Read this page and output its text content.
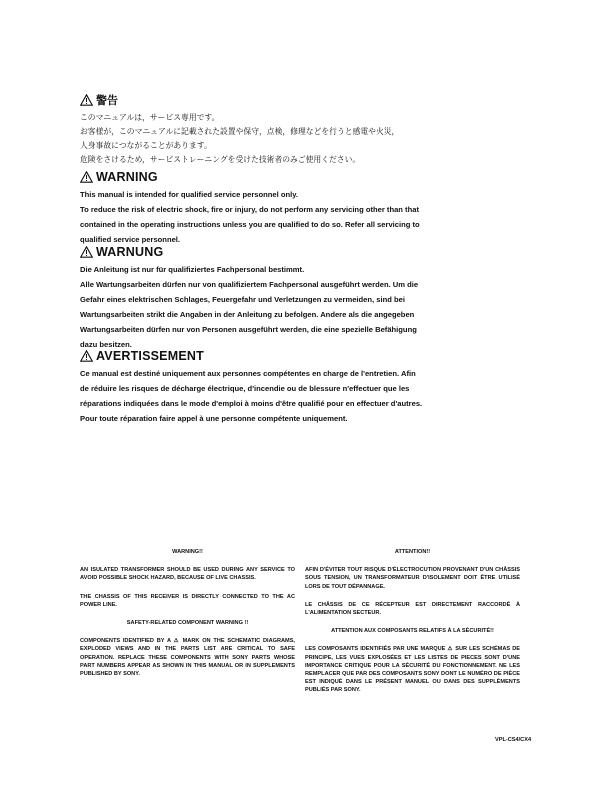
警告

このマニュアルは，サービス専用です。

お客様が，このマニュアルに記載された設置や保守，点検，修理などを行うと感電や火災，

人身事故につながることがあります。

危険をさけるため，サービストレーニングを受けた技術者のみご使用ください。

WARNING

This manual is intended for qualified service personnel only.

To reduce the risk of electric shock, fire or injury, do not perform any servicing other than that

contained in the operating instructions unless you are qualified to do so. Refer all servicing to

qualified service personnel.

WARNUNG

Die Anleitung ist nur für qualifiziertes Fachpersonal bestimmt.

Alle Wartungsarbeiten dürfen nur von qualifiziertem Fachpersonal ausgeführt werden. Um die

Gefahr eines elektrischen Schlages, Feuergefahr und Verletzungen zu vermeiden, sind bei

Wartungsarbeiten strikt die Angaben in der Anleitung zu befolgen. Andere als die angegeben

Wartungsarbeiten dürfen nur von Personen ausgeführt werden, die eine spezielle Befähigung

dazu besitzen.

AVERTISSEMENT

Ce manual est destiné uniquement aux personnes compétentes en charge de l'entretien. Afin

de réduire les risques de décharge électrique, d'incendie ou de blessure n'effectuer que les

réparations indiquées dans le mode d'emploi à moins d'être qualifié pour en effectuer d'autres.

Pour toute réparation faire appel à une personne compétente uniquement.

WARNING!!

AN ISULATED TRANSFORMER SHOULD BE USED DURING ANY SERVICE TO AVOID POSSIBLE SHOCK HAZARD, BECAUSE OF LIVE CHASSIS.

THE CHASSIS OF THIS RECEIVER IS DIRECTLY CONNECTED TO THE AC POWER LINE.

SAFETY-RELATED COMPONENT WARNING !!

COMPONENTS IDENTIFIED BY A ⚠ MARK ON THE SCHEMATIC DIAGRAMS, EXPLODED VIEWS AND IN THE PARTS LIST ARE CRITICAL TO SAFE OPERATION. REPLACE THESE COMPONENTS WITH SONY PARTS WHOSE PART NUMBERS APPEAR AS SHOWN IN THIS MANUAL OR IN SUPPLEMENTS PUBLISHED BY SONY.

ATTENTION!!

AFIN D'ÉVITER TOUT RISQUE D'ÉLECTROCUTION PROVENANT D'UN CHÂSSIS SOUS TENSION, UN TRANSFORMATEUR D'ISOLEMENT DOIT ÊTRE UTILISÉ LORS DE TOUT DÉPANNAGE.

LE CHÂSSIS DE CE RÉCEPTEUR EST DIRECTEMENT RACCORDÉ À L'ALIMENTATION SECTEUR.

ATTENTION AUX COMPOSANTS RELATIFS À LA SÉCURITÉ!!

LES COMPOSANTS IDENTIFIÉS PAR UNE MARQUE ⚠ SUR LES SCHÉMAS DE PRINCIPE, LES VUES EXPLOSÉES ET LES LISTES DE PIECES SONT D'UNE IMPORTANCE CRITIQUE POUR LA SÉCURITÉ DU FONCTIONNEMENT. NE LES REMPLACER QUE PAR DES COMPOSANTS SONY DONT LE NUMÉRO DE PIÈCE EST INDIQUÉ DANS LE PRÉSENT MANUEL OU DANS DES SUPPLÉMENTS PUBLIÉS PAR SONY.

VPL-CS4/CX4
